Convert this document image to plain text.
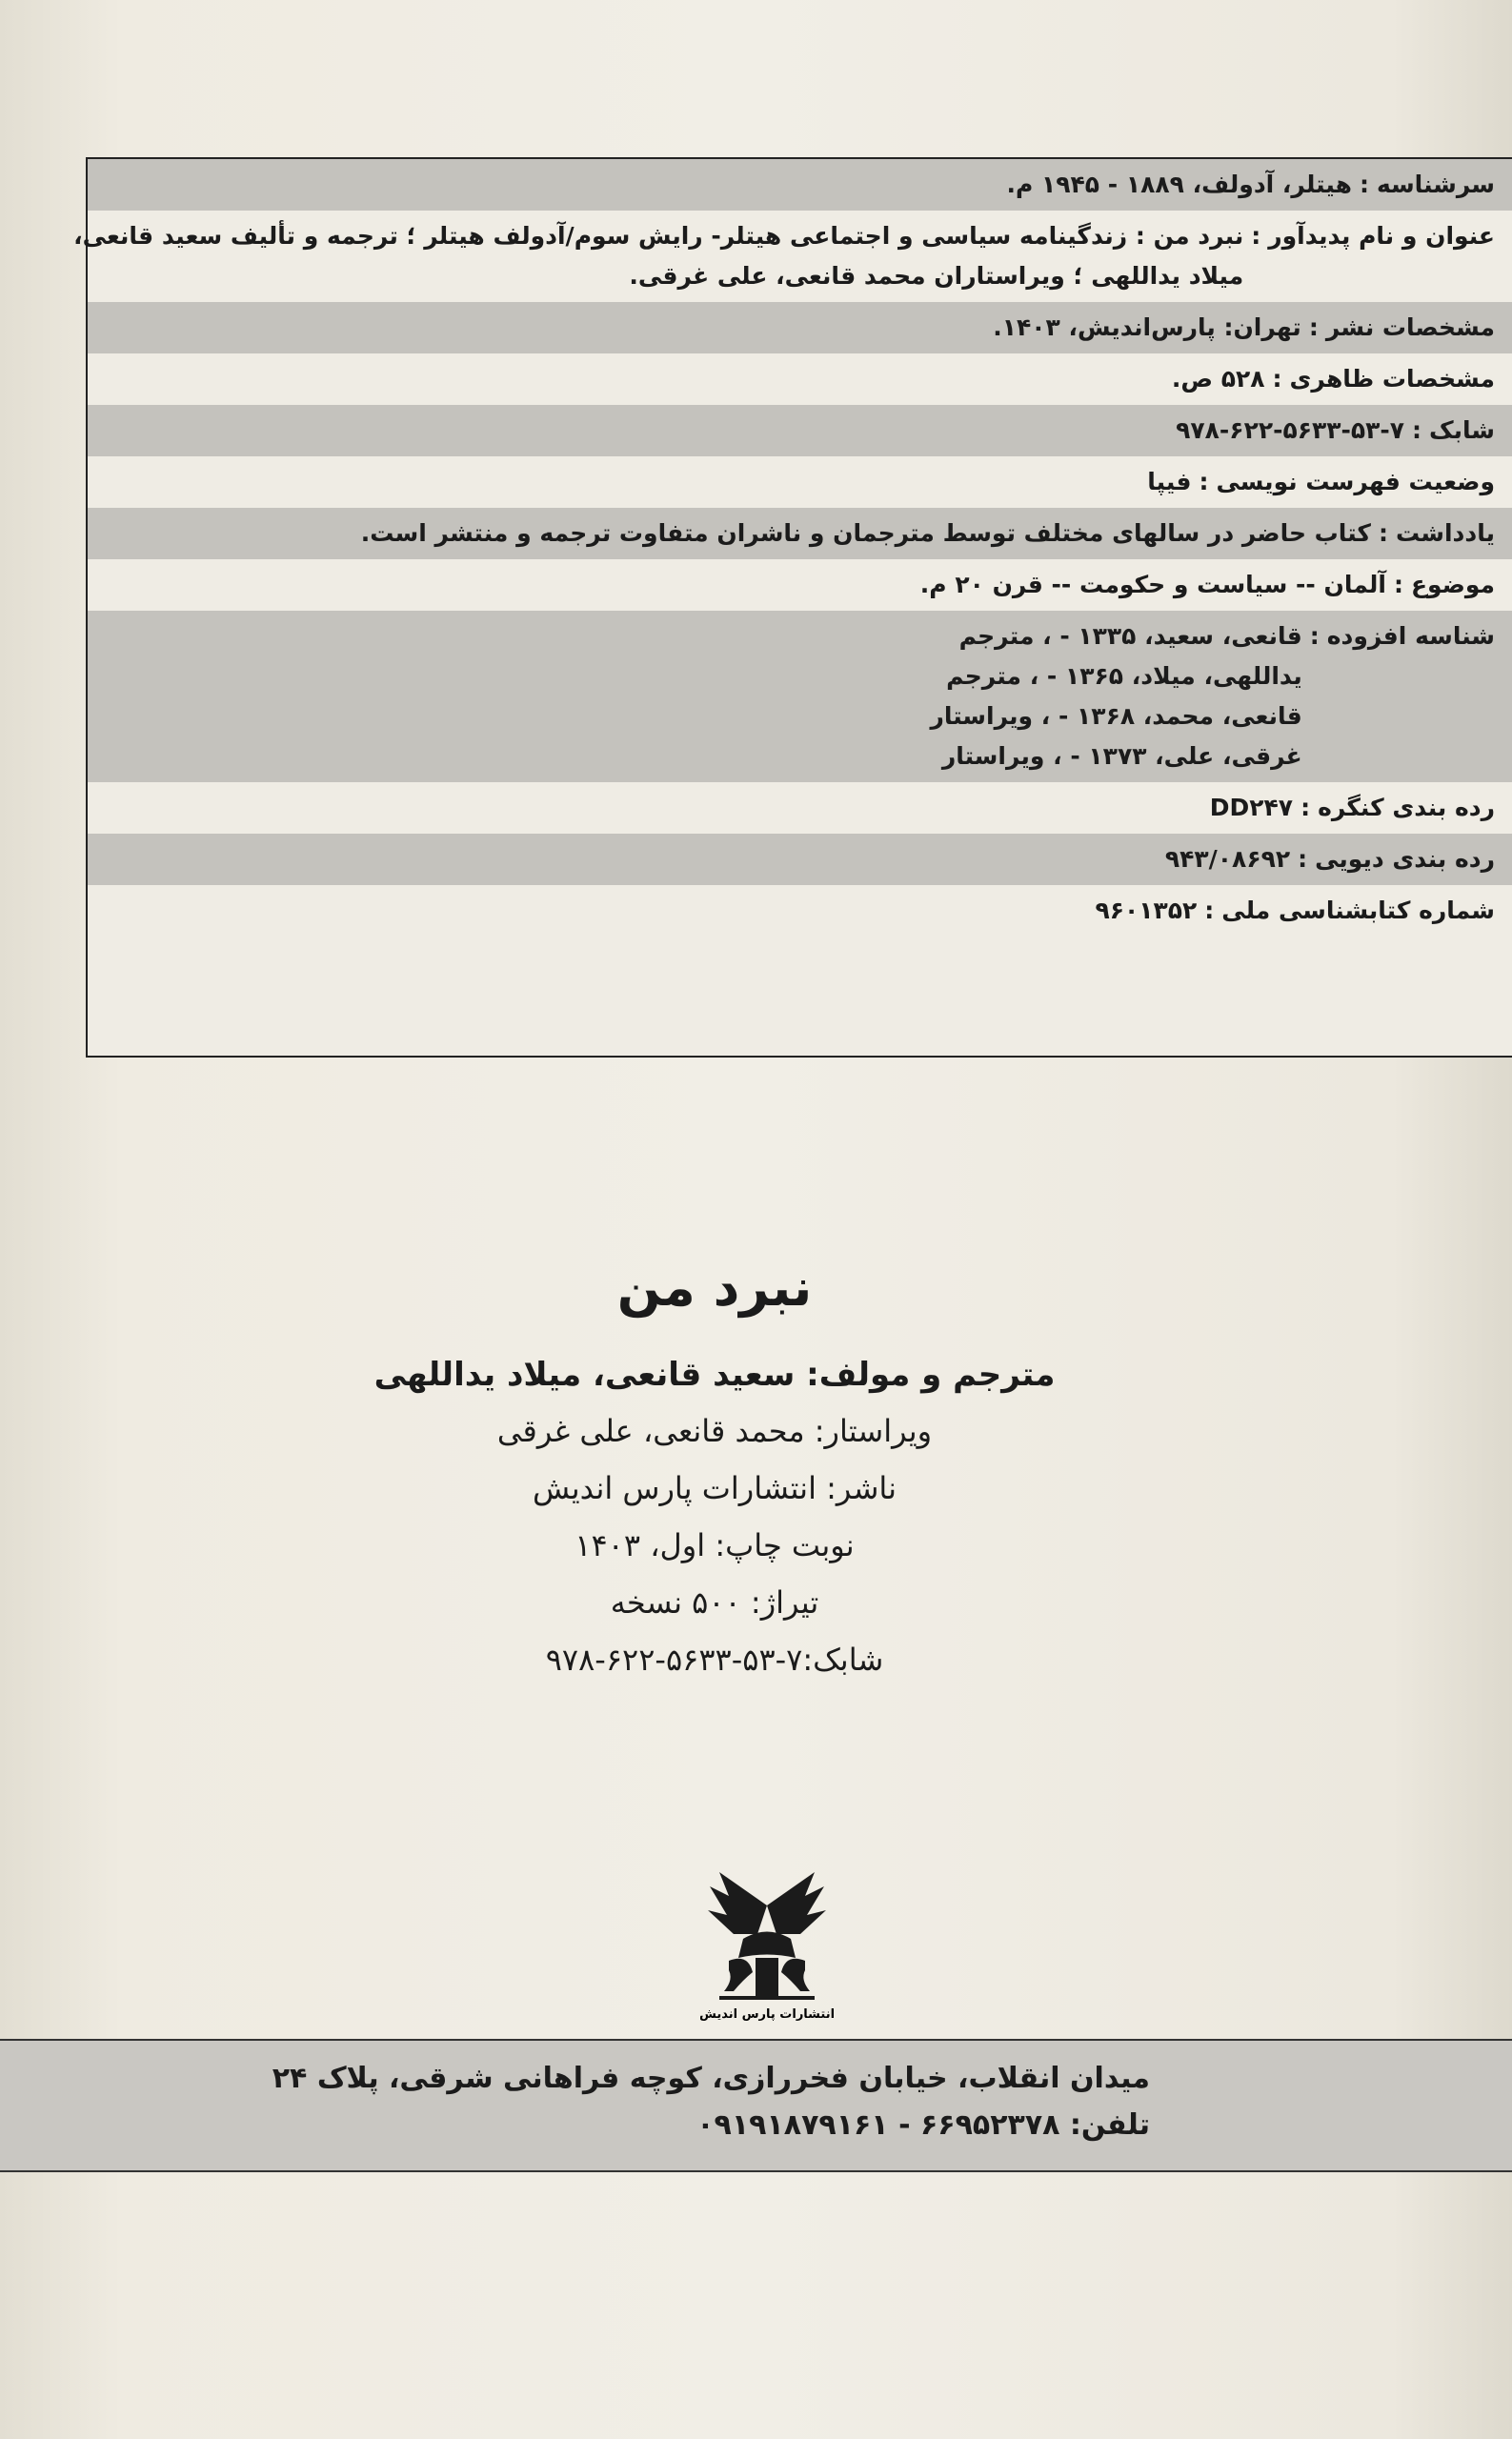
سرشناسه
:
هیتلر، آدولف، ۱۸۸۹ - ۱۹۴۵ م.
عنوان و نام پدیدآور
:
نبرد من : زندگینامه سیاسی و اجتماعی هیتلر- رایش سوم/آدولف هیتلر ؛ ترجمه و تألیف سعید قانعی،
میلاد یداللهی ؛ ویراستاران محمد قانعی، علی غرقی.
مشخصات نشر
:
تهران: پارس‌اندیش، ۱۴۰۳.
مشخصات ظاهری
:
۵۲۸ ص.
شابک
:
۹۷۸-۶۲۲-۵۶۳۳-۵۳-۷
وضعیت فهرست نویسی
:
فیپا
یادداشت
:
کتاب حاضر در سالهای مختلف توسط مترجمان و ناشران متفاوت ترجمه و منتشر است.
موضوع
:
آلمان -- سیاست و حکومت -- قرن ۲۰ م.
شناسه افزوده
:
قانعی، سعید، ۱۳۳۵ - ، مترجم
یداللهی، میلاد، ۱۳۶۵ - ، مترجم
قانعی، محمد، ۱۳۶۸ - ، ویراستار
غرقی، علی، ۱۳۷۳ - ، ویراستار
رده بندی کنگره
:
DD۲۴۷
رده بندی دیویی
:
۹۴۳/۰۸۶۹۲
شماره کتابشناسی ملی
:
۹۶۰۱۳۵۲
نبرد من
مترجم و مولف: سعید قانعی، میلاد یداللهی
ویراستار: محمد قانعی، علی غرقی
ناشر: انتشارات پارس اندیش
نوبت چاپ: اول، ۱۴۰۳
تیراژ: ۵۰۰ نسخه
شابک:۷-۵۳-۵۶۳۳-۶۲۲-۹۷۸
انتشارات پارس اندیش
میدان انقلاب، خیابان فخررازی، کوچه فراهانی شرقی، پلاک ۲۴
تلفن: ۶۶۹۵۲۳۷۸ - ۰۹۱۹۱۸۷۹۱۶۱
